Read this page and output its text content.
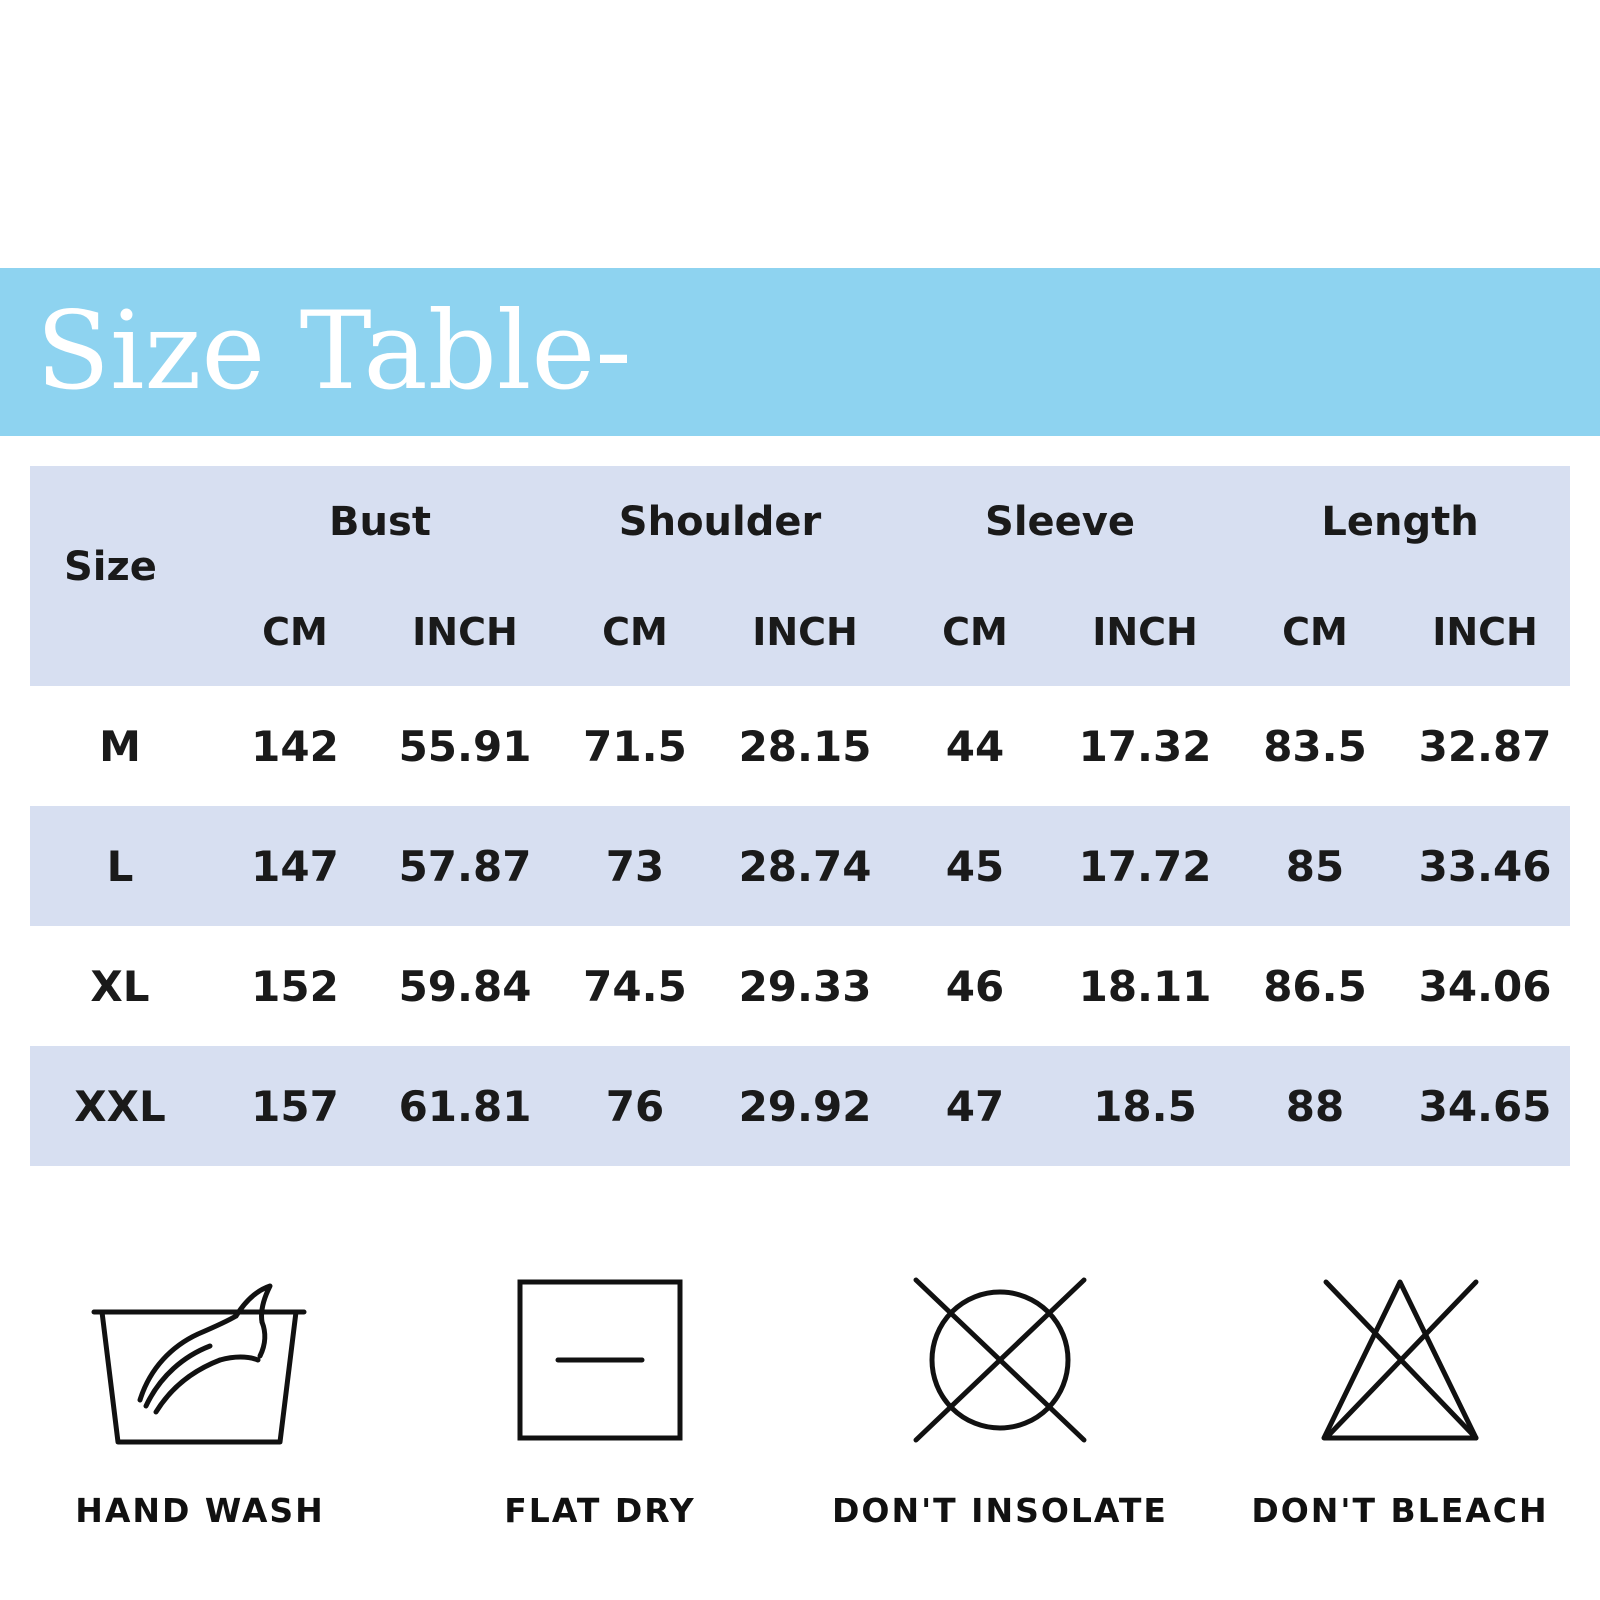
Size Table-
Size	Bust		Shoulder		Sleeve		Length	
	CM	INCH	CM	INCH	CM	INCH	CM	INCH
M	142	55.91	71.5	28.15	44	17.32	83.5	32.87
L	147	57.87	73	28.74	45	17.72	85	33.46
XL	152	59.84	74.5	29.33	46	18.11	86.5	34.06
XXL	157	61.81	76	29.92	47	18.5	88	34.65
HAND WASH	FLAT DRY	DON'T INSOLATE	DON'T BLEACH
